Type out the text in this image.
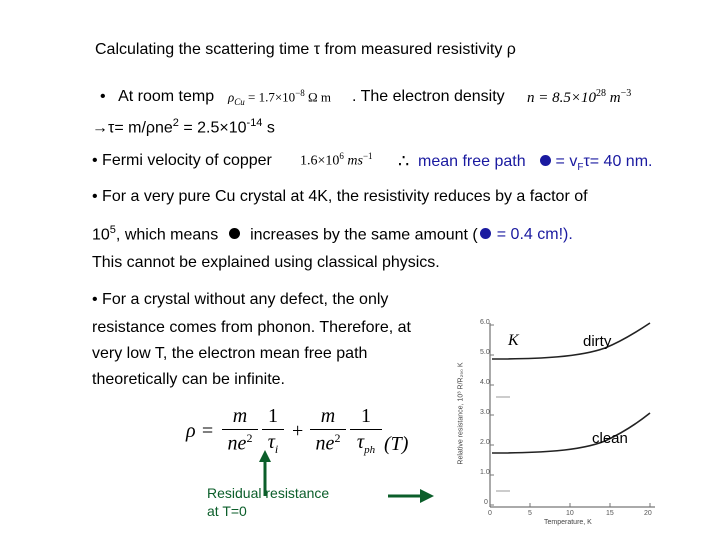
Calculating the scattering time τ from measured resistivity ρ
• At room temp $\rho_{Cu} = 1.7\times 10^{-8}$ Ω m . The electron density $n = 8.5\times 10^{28}$ $m^{-3}$
$\to\tau= m/\rho ne^2 = 2.5\times 10^{-14}$ s
• Fermi velocity of copper $1.6\times 10^6$ $ms^{-1}$ ∴ mean free path = $v_F\tau= 40$ nm.
• For a very pure Cu crystal at 4K, the resistivity reduces by a factor of
$10^5$, which means increases by the same amount ( = 0.4 cm!).
This cannot be explained using classical physics.
• For a crystal without any defect, the only
resistance comes from phonon. Therefore, at
very low T, the electron mean free path
theoretically can be infinite.
ρ =
m
$ne^2$
1
$\tau_i$
+
m
$ne^2$
1
$\tau_{ph}$ (T)
Residual resistance
at T=0
6.0
5.0
4.0
3.0
2.0
1.0
0
0	5	10	15	20
Temperature, K
Relative resistance, 10³ R/R₂₉₀ K
K	dirty
clean
